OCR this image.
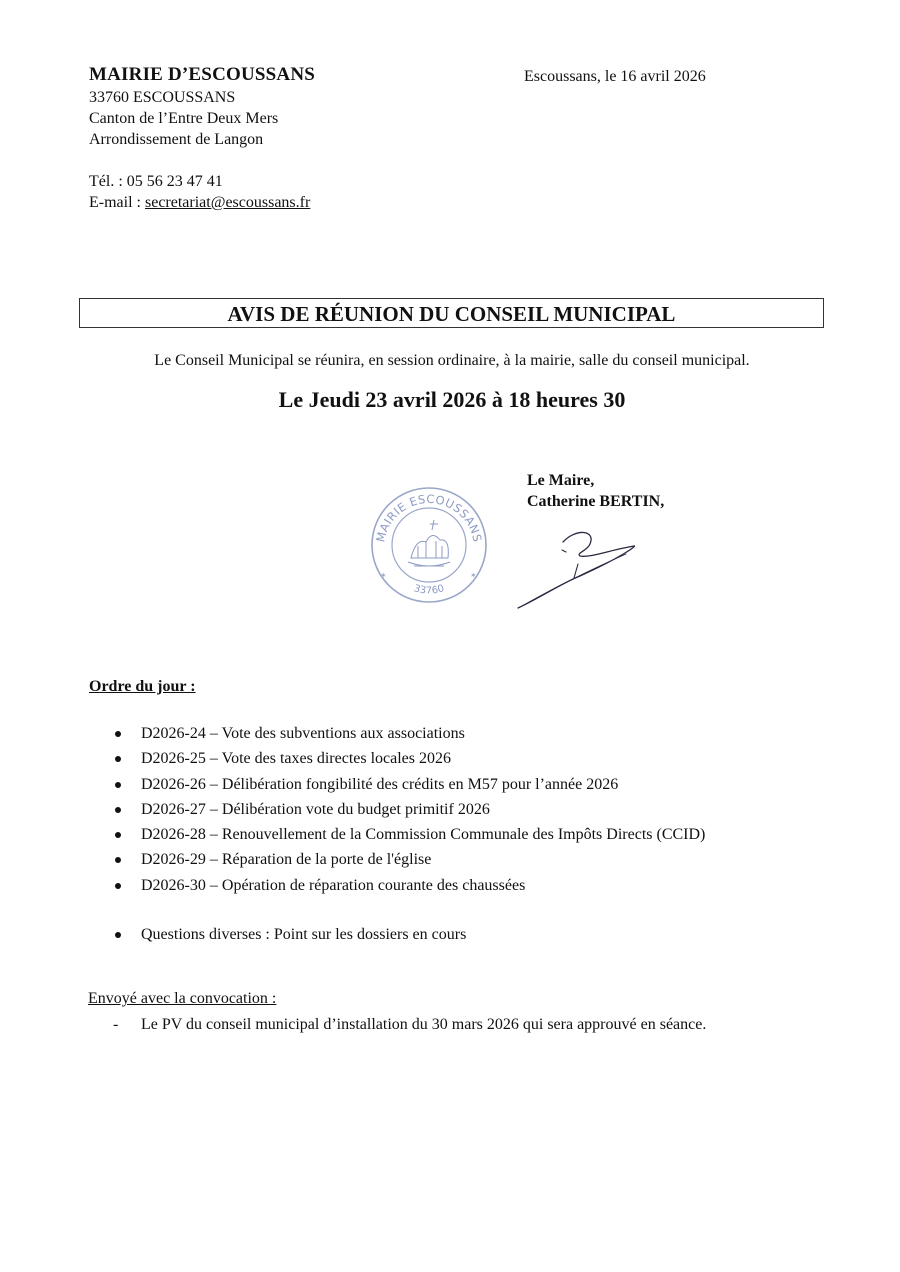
MAIRIE D’ESCOUSSANS
33760 ESCOUSSANS
Canton de l’Entre Deux Mers
Arrondissement de Langon
Tél. : 05 56 23 47 41
E-mail : secretariat@escoussans.fr
Escoussans, le 16 avril 2026
AVIS DE RÉUNION DU CONSEIL MUNICIPAL
Le Conseil Municipal se réunira, en session ordinaire, à la mairie, salle du conseil municipal.
Le Jeudi 23 avril 2026 à 18 heures 30
Le Maire,
Catherine BERTIN,
MAIRIE ESCOUSSANS
33760
✶	✶
Ordre du jour :
D2026-24 – Vote des subventions aux associations
D2026-25 – Vote des taxes directes locales 2026
D2026-26 – Délibération fongibilité des crédits en M57 pour l’année 2026
D2026-27 – Délibération vote du budget primitif 2026
D2026-28 – Renouvellement de la Commission Communale des Impôts Directs (CCID)
D2026-29 – Réparation de la porte de l'église
D2026-30 – Opération de réparation courante des chaussées
Questions diverses : Point sur les dossiers en cours
Envoyé avec la convocation :
- Le PV du conseil municipal d’installation du 30 mars 2026 qui sera approuvé en séance.
